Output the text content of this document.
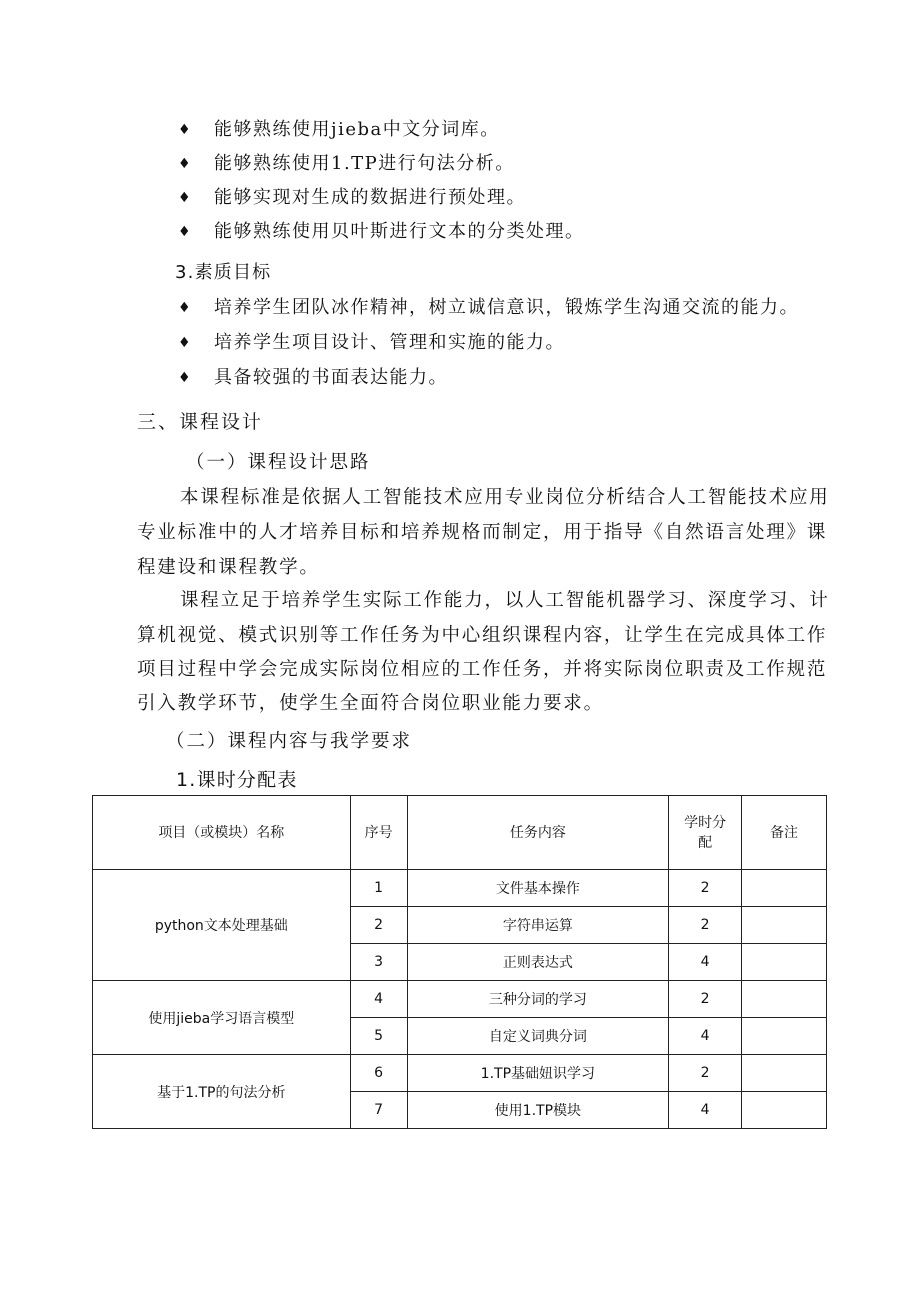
♦ 能够熟练使用jieba中文分词库。
♦ 能够熟练使用1.TP进行句法分析。
♦ 能够实现对生成的数据进行预处理。
♦ 能够熟练使用贝叶斯进行文本的分类处理。
3.素质目标
♦ 培养学生团队冰作精神，树立诚信意识，锻炼学生沟通交流的能力。
♦ 培养学生项目设计、管理和实施的能力。
♦ 具备较强的书面表达能力。
三、课程设计
（一）课程设计思路
本课程标准是依据人工智能技术应用专业岗位分析结合人工智能技术应用
专业标准中的人才培养目标和培养规格而制定，用于指导《自然语言处理》课
程建设和课程教学。
课程立足于培养学生实际工作能力，以人工智能机器学习、深度学习、计
算机视觉、模式识别等工作任务为中心组织课程内容，让学生在完成具体工作
项目过程中学会完成实际岗位相应的工作任务，并将实际岗位职责及工作规范
引入教学环节，使学生全面符合岗位职业能力要求。
（二）课程内容与我学要求
1.课时分配表
项目（或模块）名称	序号	任务内容	学时分配	备注
python文本处理基础	1	文件基本操作	2	
	2	字符串运算	2	
	3	正则表达式	4	
使用jieba学习语言模型	4	三种分词的学习	2	
	5	自定义词典分词	4	
基于1.TP的句法分析	6	1.TP基础妞识学习	2	
	7	使用1.TP模块	4	
